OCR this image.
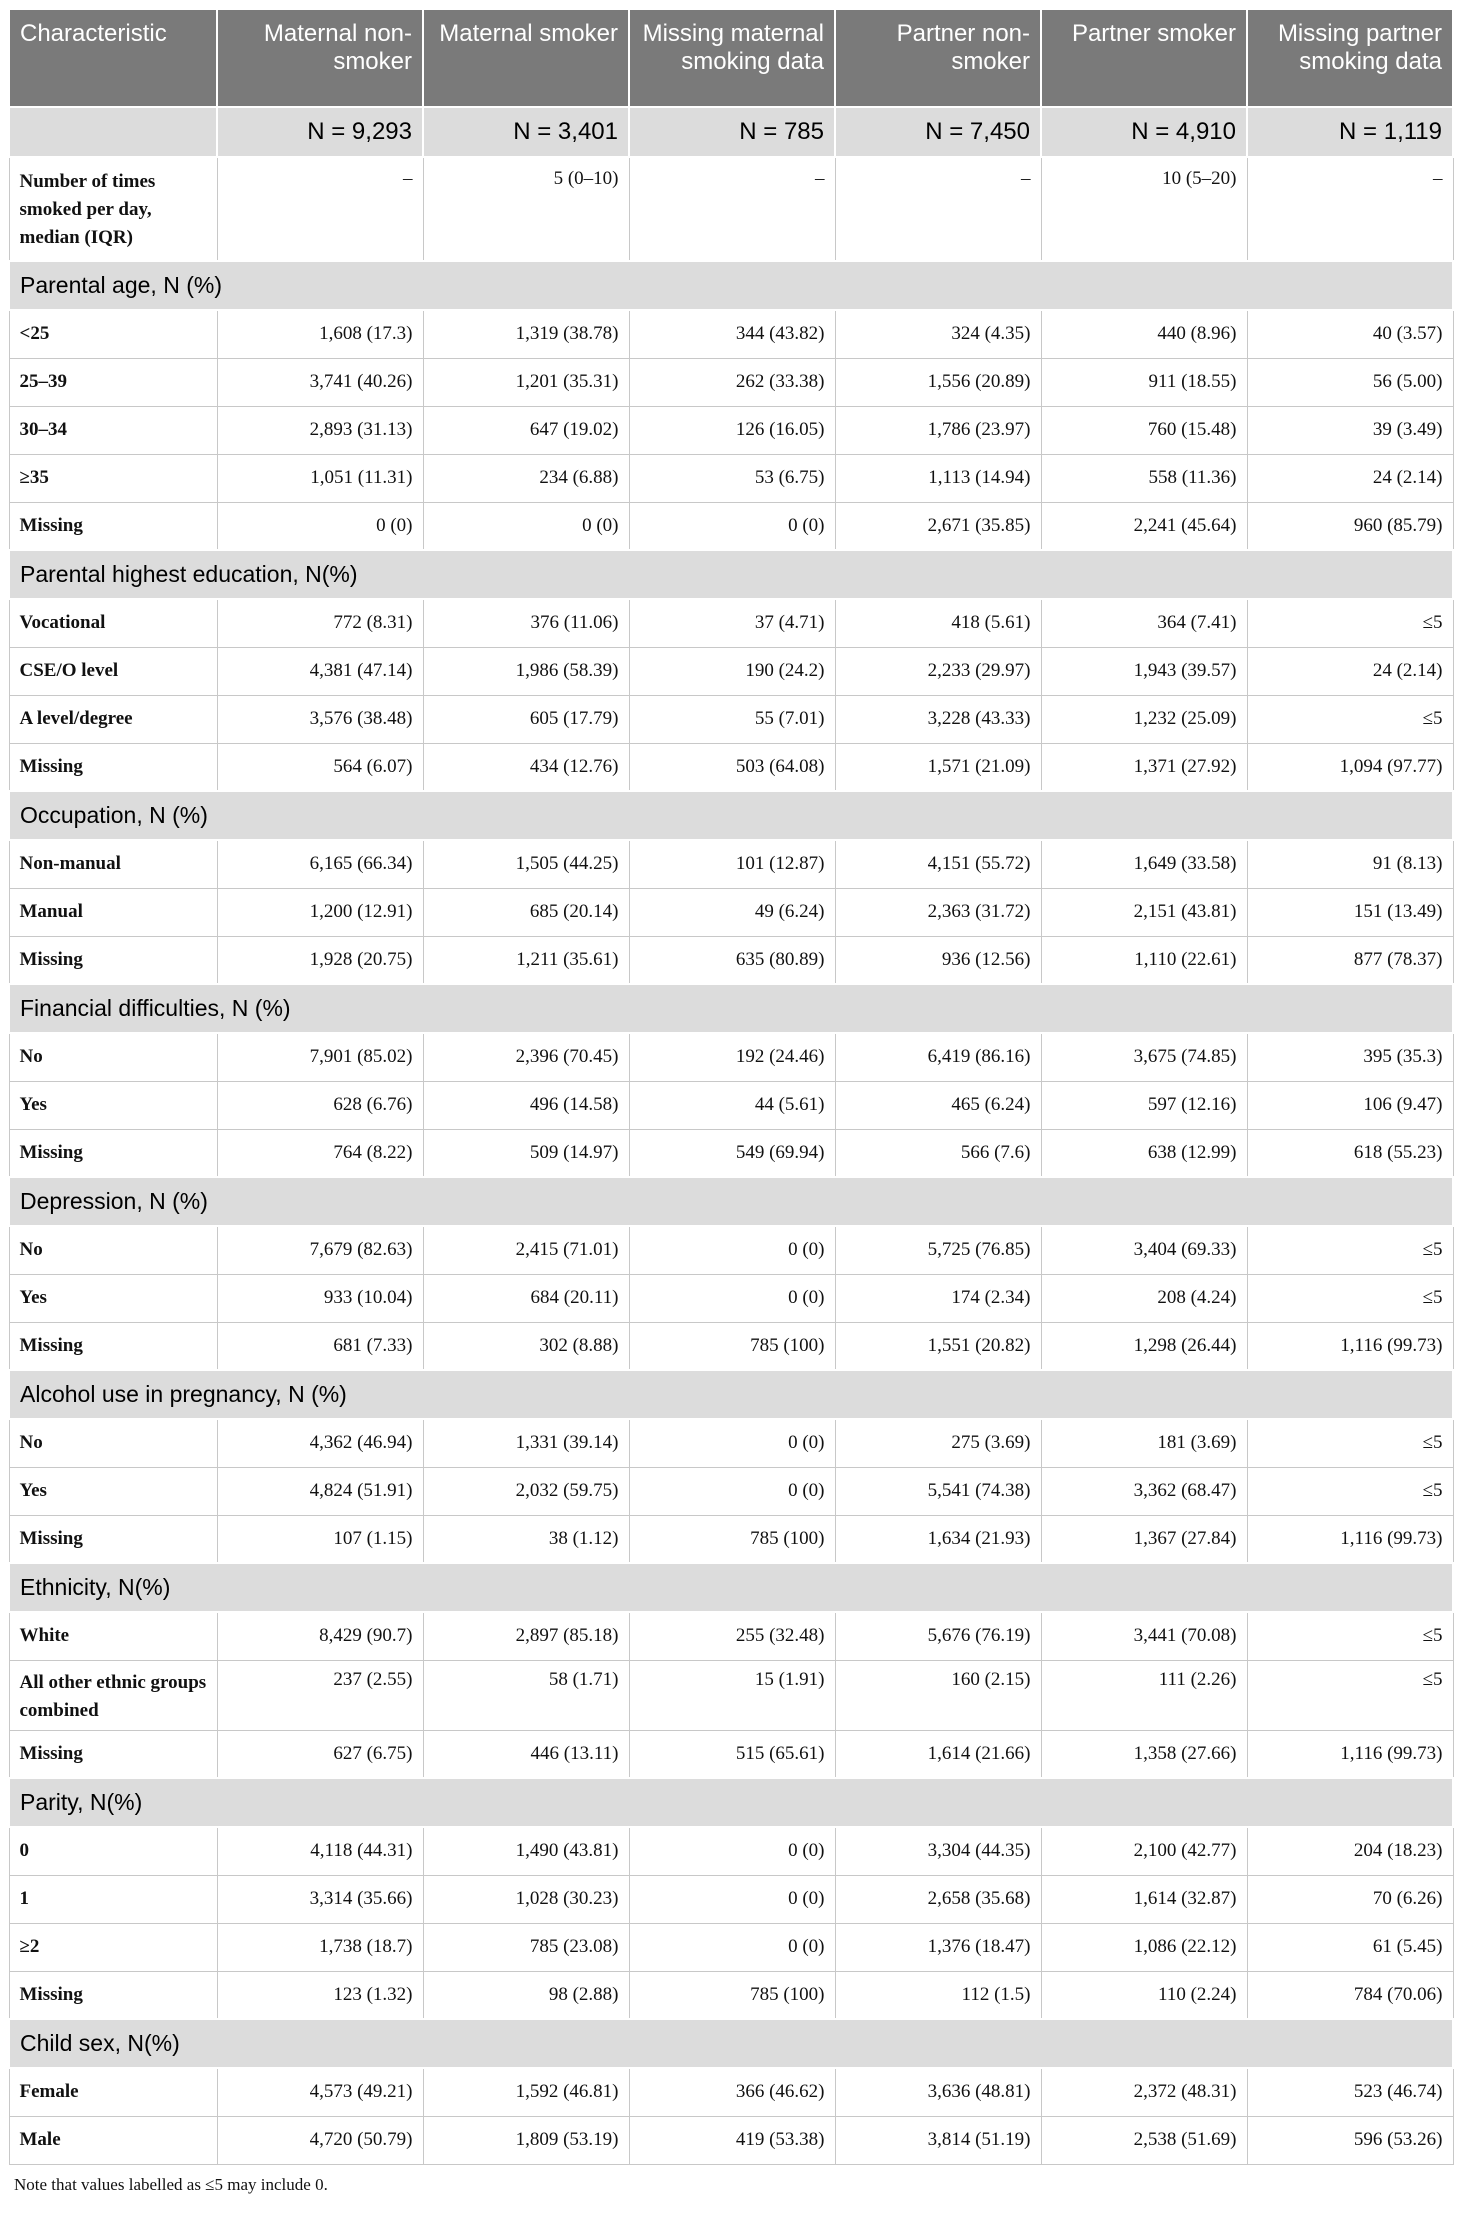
Characteristic	Maternal non-smoker	Maternal smoker	Missing maternal smoking data	Partner non-smoker	Partner smoker	Missing partner smoking data
	N = 9,293	N = 3,401	N = 785	N = 7,450	N = 4,910	N = 1,119
Number of times smoked per day, median (IQR)	–	5 (0–10)	–	–	10 (5–20)	–
Parental age, N (%)						
<25	1,608 (17.3)	1,319 (38.78)	344 (43.82)	324 (4.35)	440 (8.96)	40 (3.57)
25–39	3,741 (40.26)	1,201 (35.31)	262 (33.38)	1,556 (20.89)	911 (18.55)	56 (5.00)
30–34	2,893 (31.13)	647 (19.02)	126 (16.05)	1,786 (23.97)	760 (15.48)	39 (3.49)
≥35	1,051 (11.31)	234 (6.88)	53 (6.75)	1,113 (14.94)	558 (11.36)	24 (2.14)
Missing	0 (0)	0 (0)	0 (0)	2,671 (35.85)	2,241 (45.64)	960 (85.79)
Parental highest education, N(%)						
Vocational	772 (8.31)	376 (11.06)	37 (4.71)	418 (5.61)	364 (7.41)	≤5
CSE/O level	4,381 (47.14)	1,986 (58.39)	190 (24.2)	2,233 (29.97)	1,943 (39.57)	24 (2.14)
A level/degree	3,576 (38.48)	605 (17.79)	55 (7.01)	3,228 (43.33)	1,232 (25.09)	≤5
Missing	564 (6.07)	434 (12.76)	503 (64.08)	1,571 (21.09)	1,371 (27.92)	1,094 (97.77)
Occupation, N (%)						
Non-manual	6,165 (66.34)	1,505 (44.25)	101 (12.87)	4,151 (55.72)	1,649 (33.58)	91 (8.13)
Manual	1,200 (12.91)	685 (20.14)	49 (6.24)	2,363 (31.72)	2,151 (43.81)	151 (13.49)
Missing	1,928 (20.75)	1,211 (35.61)	635 (80.89)	936 (12.56)	1,110 (22.61)	877 (78.37)
Financial difficulties, N (%)						
No	7,901 (85.02)	2,396 (70.45)	192 (24.46)	6,419 (86.16)	3,675 (74.85)	395 (35.3)
Yes	628 (6.76)	496 (14.58)	44 (5.61)	465 (6.24)	597 (12.16)	106 (9.47)
Missing	764 (8.22)	509 (14.97)	549 (69.94)	566 (7.6)	638 (12.99)	618 (55.23)
Depression, N (%)						
No	7,679 (82.63)	2,415 (71.01)	0 (0)	5,725 (76.85)	3,404 (69.33)	≤5
Yes	933 (10.04)	684 (20.11)	0 (0)	174 (2.34)	208 (4.24)	≤5
Missing	681 (7.33)	302 (8.88)	785 (100)	1,551 (20.82)	1,298 (26.44)	1,116 (99.73)
Alcohol use in pregnancy, N (%)						
No	4,362 (46.94)	1,331 (39.14)	0 (0)	275 (3.69)	181 (3.69)	≤5
Yes	4,824 (51.91)	2,032 (59.75)	0 (0)	5,541 (74.38)	3,362 (68.47)	≤5
Missing	107 (1.15)	38 (1.12)	785 (100)	1,634 (21.93)	1,367 (27.84)	1,116 (99.73)
Ethnicity, N(%)						
White	8,429 (90.7)	2,897 (85.18)	255 (32.48)	5,676 (76.19)	3,441 (70.08)	≤5
All other ethnic groups combined	237 (2.55)	58 (1.71)	15 (1.91)	160 (2.15)	111 (2.26)	≤5
Missing	627 (6.75)	446 (13.11)	515 (65.61)	1,614 (21.66)	1,358 (27.66)	1,116 (99.73)
Parity, N(%)						
0	4,118 (44.31)	1,490 (43.81)	0 (0)	3,304 (44.35)	2,100 (42.77)	204 (18.23)
1	3,314 (35.66)	1,028 (30.23)	0 (0)	2,658 (35.68)	1,614 (32.87)	70 (6.26)
≥2	1,738 (18.7)	785 (23.08)	0 (0)	1,376 (18.47)	1,086 (22.12)	61 (5.45)
Missing	123 (1.32)	98 (2.88)	785 (100)	112 (1.5)	110 (2.24)	784 (70.06)
Child sex, N(%)						
Female	4,573 (49.21)	1,592 (46.81)	366 (46.62)	3,636 (48.81)	2,372 (48.31)	523 (46.74)
Male	4,720 (50.79)	1,809 (53.19)	419 (53.38)	3,814 (51.19)	2,538 (51.69)	596 (53.26)
Note that values labelled as ≤5 may include 0.
